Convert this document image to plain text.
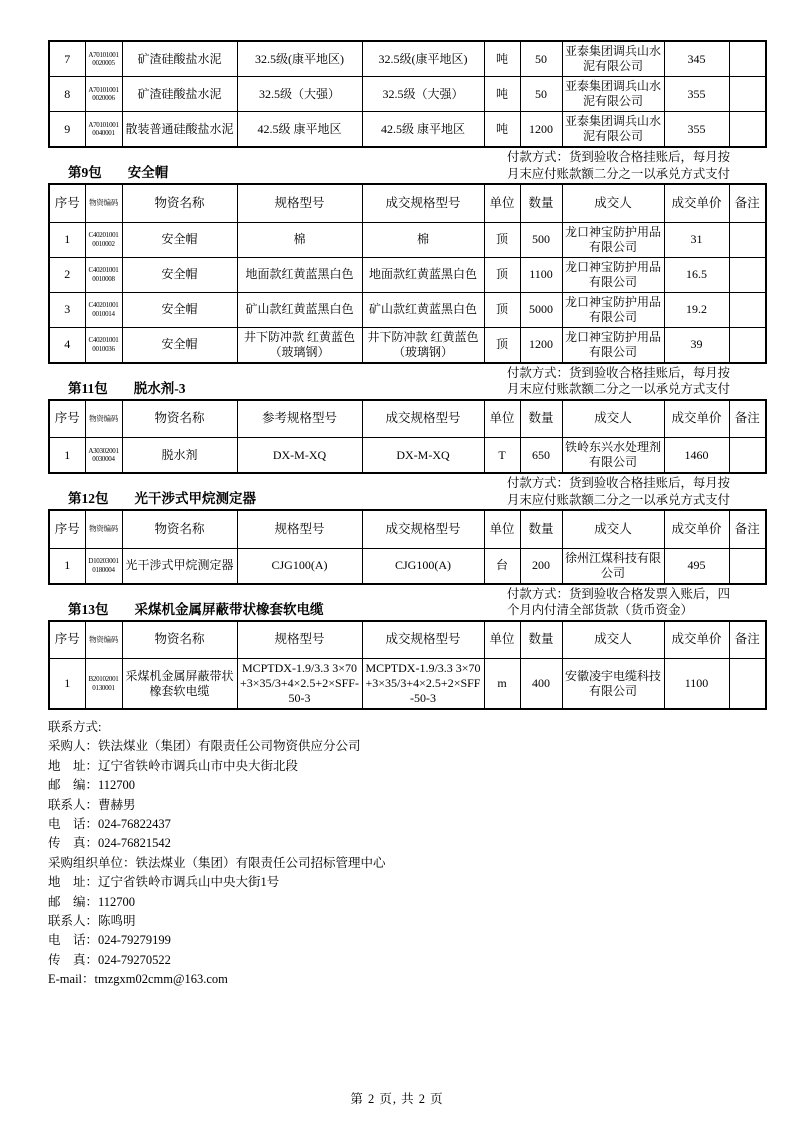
7	A70101001 0020005	矿渣硅酸盐水泥	32.5级(康平地区)	32.5级(康平地区)	吨	50	亚泰集团调兵山水泥有限公司	345	
8	A70101001 0020006	矿渣硅酸盐水泥	32.5级（大强）	32.5级（大强）	吨	50	亚泰集团调兵山水泥有限公司	355	
9	A70101001 0040001	散装普通硅酸盐水泥	42.5级 康平地区	42.5级 康平地区	吨	1200	亚泰集团调兵山水泥有限公司	355	
第9包 安全帽
付款方式：货到验收合格挂账后，每月按
月末应付账款额二分之一以承兑方式支付
序号	物资编码	物资名称	规格型号	成交规格型号	单位	数量	成交人	成交单价	备注
1	C40201001 0010002	安全帽	棉	棉	顶	500	龙口神宝防护用品有限公司	31	
2	C40201001 0010008	安全帽	地面款红黄蓝黑白色	地面款红黄蓝黑白色	顶	1100	龙口神宝防护用品有限公司	16.5	
3	C40201001 0010014	安全帽	矿山款红黄蓝黑白色	矿山款红黄蓝黑白色	顶	5000	龙口神宝防护用品有限公司	19.2	
4	C40201001 0010036	安全帽	井下防冲款 红黄蓝色（玻璃钢）	井下防冲款 红黄蓝色（玻璃钢）	顶	1200	龙口神宝防护用品有限公司	39	
第11包 脱水剂-3
付款方式：货到验收合格挂账后，每月按
月末应付账款额二分之一以承兑方式支付
序号	物资编码	物资名称	参考规格型号	成交规格型号	单位	数量	成交人	成交单价	备注
1	A30302001 0030004	脱水剂	DX-M-XQ	DX-M-XQ	T	650	铁岭东兴水处理剂有限公司	1460	
第12包 光干涉式甲烷测定器
付款方式：货到验收合格挂账后，每月按
月末应付账款额二分之一以承兑方式支付
序号	物资编码	物资名称	规格型号	成交规格型号	单位	数量	成交人	成交单价	备注
1	D10203001 0180004	光干涉式甲烷测定器	CJG100(A)	CJG100(A)	台	200	徐州江煤科技有限公司	495	
第13包 采煤机金属屏蔽带状橡套软电缆
付款方式：货到验收合格发票入账后，四
个月内付清全部货款（货币资金）
序号	物资编码	物资名称	规格型号	成交规格型号	单位	数量	成交人	成交单价	备注
1	B20102001 0130001	采煤机金属屏蔽带状橡套软电缆	MCPTDX-1.9/3.3 3×70+3×35/3+4×2.5+2×SFF-50-3	MCPTDX-1.9/3.3 3×70+3×35/3+4×2.5+2×SFF-50-3	m	400	安徽凌宇电缆科技有限公司	1100	
联系方式:
采购人：铁法煤业（集团）有限责任公司物资供应分公司
地　址：辽宁省铁岭市调兵山市中央大街北段
邮　编：112700
联系人：曹赫男
电　话：024-76822437
传　真：024-76821542
采购组织单位：铁法煤业（集团）有限责任公司招标管理中心
地　址：辽宁省铁岭市调兵山中央大街1号
邮　编：112700
联系人：陈鸣明
电　话：024-79279199
传　真：024-79270522
E-mail：tmzgxm02cmm@163.com
第 2 页, 共 2 页
